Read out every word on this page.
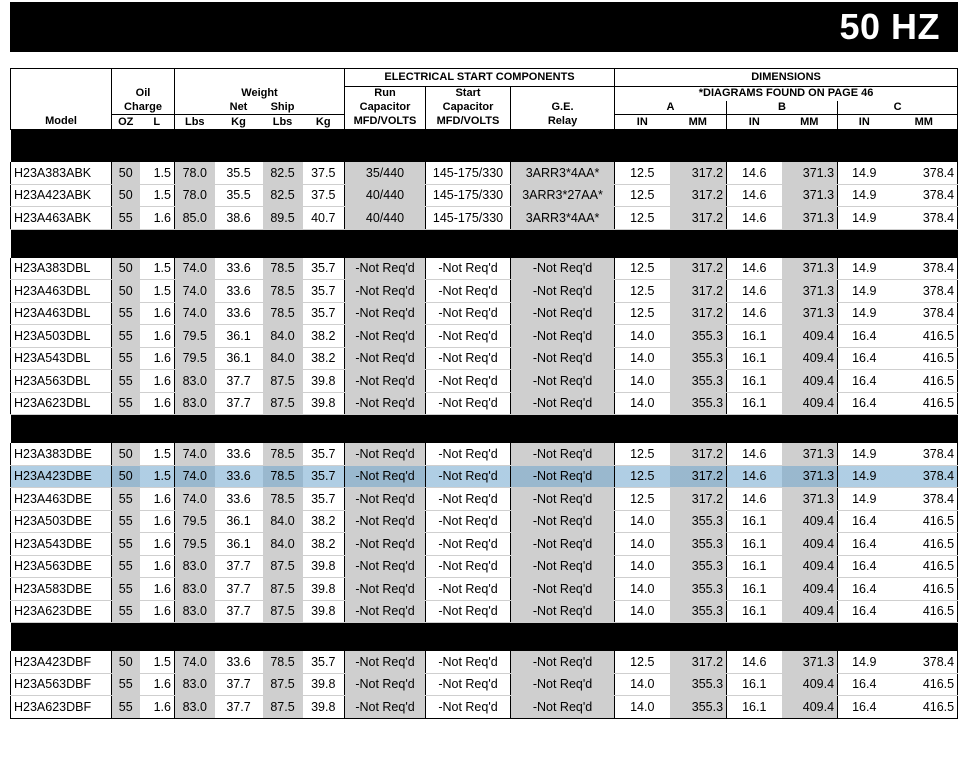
50 HZ
							ELECTRICAL START COMPONENTS			DIMENSIONS					
	Oil		Weight				Run	Start		*DIAGRAMS FOUND ON PAGE 46					
	Charge			Net	Ship		Capacitor	Capacitor	G.E.	A		B		C	
Model	OZ	L	Lbs	Kg	Lbs	Kg	MFD/VOLTS	MFD/VOLTS	Relay	IN	MM	IN	MM	IN	MM

H23A383ABK	50	1.5	78.0	35.5	82.5	37.5	35/440	145-175/330	3ARR3*4AA*	12.5	317.2	14.6	371.3	14.9	378.4
H23A423ABK	50	1.5	78.0	35.5	82.5	37.5	40/440	145-175/330	3ARR3*27AA*	12.5	317.2	14.6	371.3	14.9	378.4
H23A463ABK	55	1.6	85.0	38.6	89.5	40.7	40/440	145-175/330	3ARR3*4AA*	12.5	317.2	14.6	371.3	14.9	378.4

H23A383DBL	50	1.5	74.0	33.6	78.5	35.7	-Not Req'd	-Not Req'd	-Not Req'd	12.5	317.2	14.6	371.3	14.9	378.4
H23A463DBL	50	1.5	74.0	33.6	78.5	35.7	-Not Req'd	-Not Req'd	-Not Req'd	12.5	317.2	14.6	371.3	14.9	378.4
H23A463DBL	55	1.6	74.0	33.6	78.5	35.7	-Not Req'd	-Not Req'd	-Not Req'd	12.5	317.2	14.6	371.3	14.9	378.4
H23A503DBL	55	1.6	79.5	36.1	84.0	38.2	-Not Req'd	-Not Req'd	-Not Req'd	14.0	355.3	16.1	409.4	16.4	416.5
H23A543DBL	55	1.6	79.5	36.1	84.0	38.2	-Not Req'd	-Not Req'd	-Not Req'd	14.0	355.3	16.1	409.4	16.4	416.5
H23A563DBL	55	1.6	83.0	37.7	87.5	39.8	-Not Req'd	-Not Req'd	-Not Req'd	14.0	355.3	16.1	409.4	16.4	416.5
H23A623DBL	55	1.6	83.0	37.7	87.5	39.8	-Not Req'd	-Not Req'd	-Not Req'd	14.0	355.3	16.1	409.4	16.4	416.5

H23A383DBE	50	1.5	74.0	33.6	78.5	35.7	-Not Req'd	-Not Req'd	-Not Req'd	12.5	317.2	14.6	371.3	14.9	378.4
H23A423DBE	50	1.5	74.0	33.6	78.5	35.7	-Not Req'd	-Not Req'd	-Not Req'd	12.5	317.2	14.6	371.3	14.9	378.4
H23A463DBE	55	1.6	74.0	33.6	78.5	35.7	-Not Req'd	-Not Req'd	-Not Req'd	12.5	317.2	14.6	371.3	14.9	378.4
H23A503DBE	55	1.6	79.5	36.1	84.0	38.2	-Not Req'd	-Not Req'd	-Not Req'd	14.0	355.3	16.1	409.4	16.4	416.5
H23A543DBE	55	1.6	79.5	36.1	84.0	38.2	-Not Req'd	-Not Req'd	-Not Req'd	14.0	355.3	16.1	409.4	16.4	416.5
H23A563DBE	55	1.6	83.0	37.7	87.5	39.8	-Not Req'd	-Not Req'd	-Not Req'd	14.0	355.3	16.1	409.4	16.4	416.5
H23A583DBE	55	1.6	83.0	37.7	87.5	39.8	-Not Req'd	-Not Req'd	-Not Req'd	14.0	355.3	16.1	409.4	16.4	416.5
H23A623DBE	55	1.6	83.0	37.7	87.5	39.8	-Not Req'd	-Not Req'd	-Not Req'd	14.0	355.3	16.1	409.4	16.4	416.5

H23A423DBF	50	1.5	74.0	33.6	78.5	35.7	-Not Req'd	-Not Req'd	-Not Req'd	12.5	317.2	14.6	371.3	14.9	378.4
H23A563DBF	55	1.6	83.0	37.7	87.5	39.8	-Not Req'd	-Not Req'd	-Not Req'd	14.0	355.3	16.1	409.4	16.4	416.5
H23A623DBF	55	1.6	83.0	37.7	87.5	39.8	-Not Req'd	-Not Req'd	-Not Req'd	14.0	355.3	16.1	409.4	16.4	416.5
